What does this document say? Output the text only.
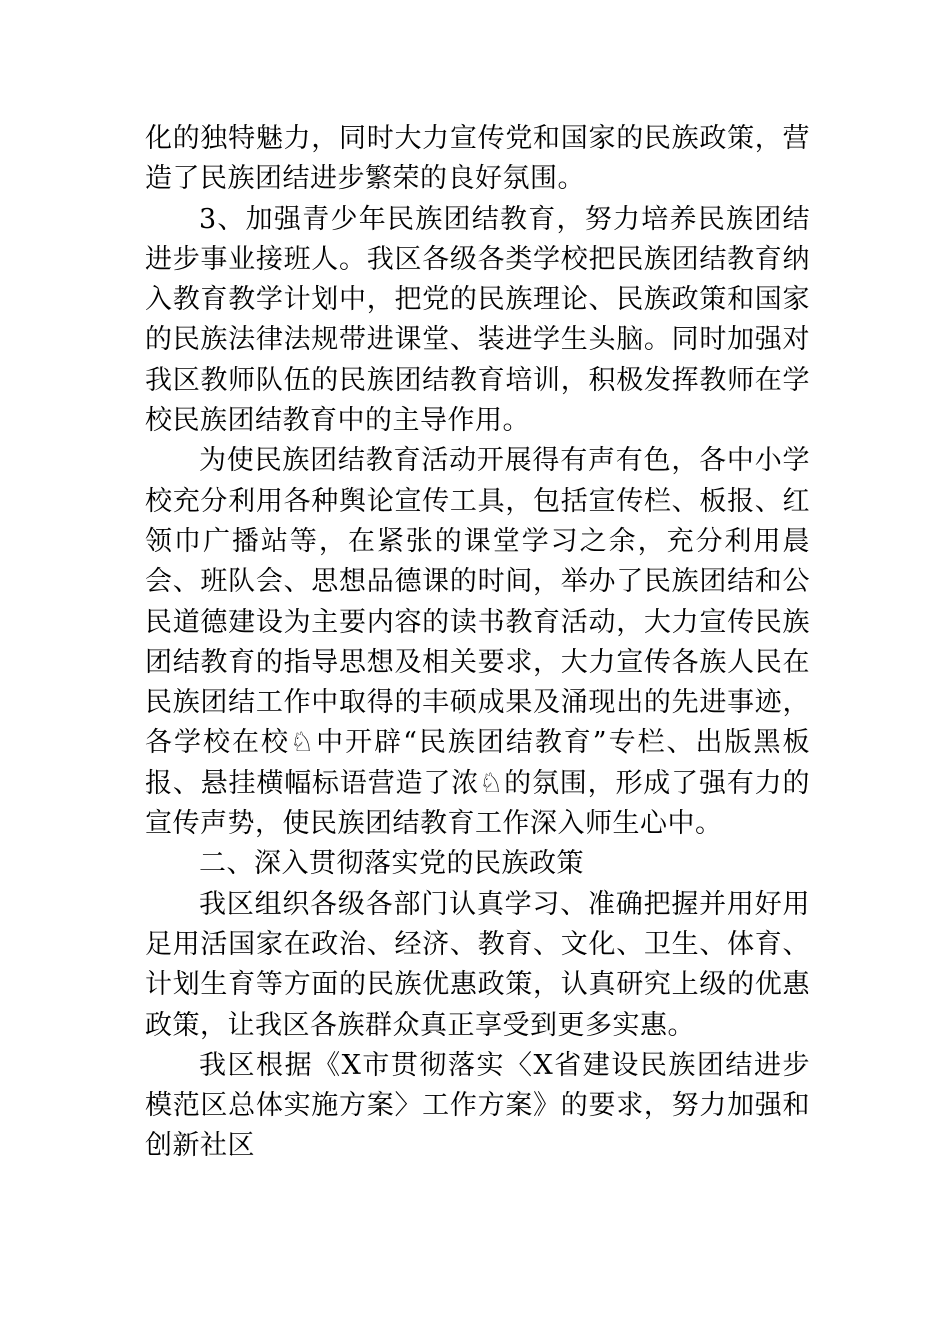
化的独特魅力，同时大力宣传党和国家的民族政策，营造了民族团结进步繁荣的良好氛围。

3、加强青少年民族团结教育，努力培养民族团结进步事业接班人。我区各级各类学校把民族团结教育纳入教育教学计划中，把党的民族理论、民族政策和国家的民族法律法规带进课堂、装进学生头脑。同时加强对我区教师队伍的民族团结教育培训，积极发挥教师在学校民族团结教育中的主导作用。

为使民族团结教育活动开展得有声有色，各中小学校充分利用各种舆论宣传工具，包括宣传栏、板报、红领巾广播站等，在紧张的课堂学习之余，充分利用晨会、班队会、思想品德课的时间，举办了民族团结和公民道德建设为主要内容的读书教育活动，大力宣传民族团结教育的指导思想及相关要求，大力宣传各族人民在民族团结工作中取得的丰硕成果及涌现出的先进事迹，各学校在校♘中开辟“民族团结教育”专栏、出版黑板报、悬挂横幅标语营造了浓♘的氛围，形成了强有力的宣传声势，使民族团结教育工作深入师生心中。

二、深入贯彻落实党的民族政策

我区组织各级各部门认真学习、准确把握并用好用足用活国家在政治、经济、教育、文化、卫生、体育、计划生育等方面的民族优惠政策，认真研究上级的优惠政策，让我区各族群众真正享受到更多实惠。

我区根据《X市贯彻落实〈X省建设民族团结进步模范区总体实施方案〉工作方案》的要求，努力加强和创新社区
